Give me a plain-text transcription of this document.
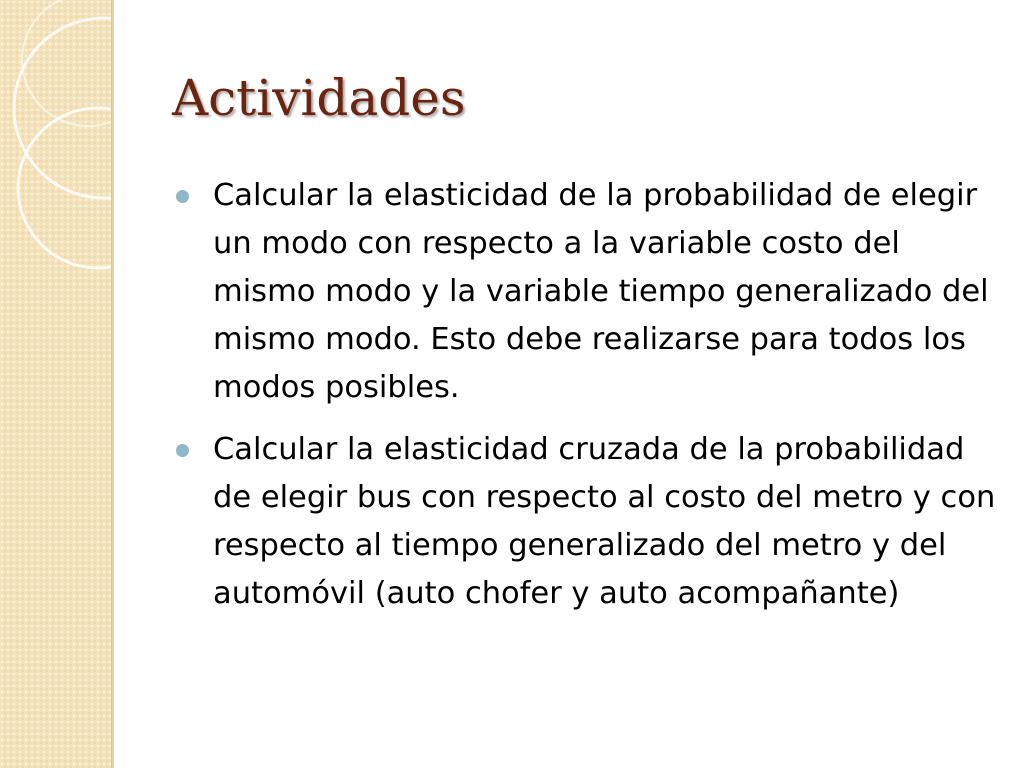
Actividades
Calcular la elasticidad de la probabilidad de elegir un modo con respecto a la variable costo del mismo modo y la variable tiempo generalizado del mismo modo. Esto debe realizarse para todos los modos posibles.
Calcular la elasticidad cruzada de la probabilidad de elegir bus con respecto al costo del metro y con respecto al tiempo generalizado del metro y del automóvil (auto chofer y auto acompañante)
